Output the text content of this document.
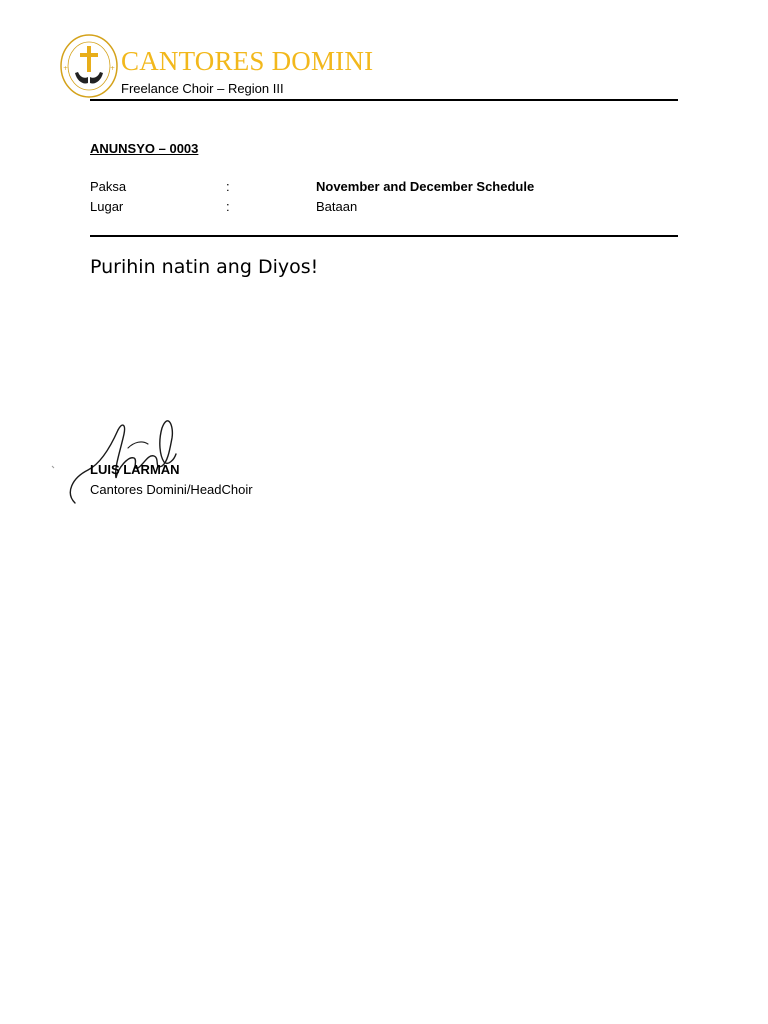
+	+ CANTORES DOMINI
Freelance Choir – Region III
ANUNSYO – 0003
Paksa	:	November and December Schedule
Lugar	:	Bataan
Purihin natin ang Diyos!
LUIS LARMAN
Cantores Domini/HeadChoir
